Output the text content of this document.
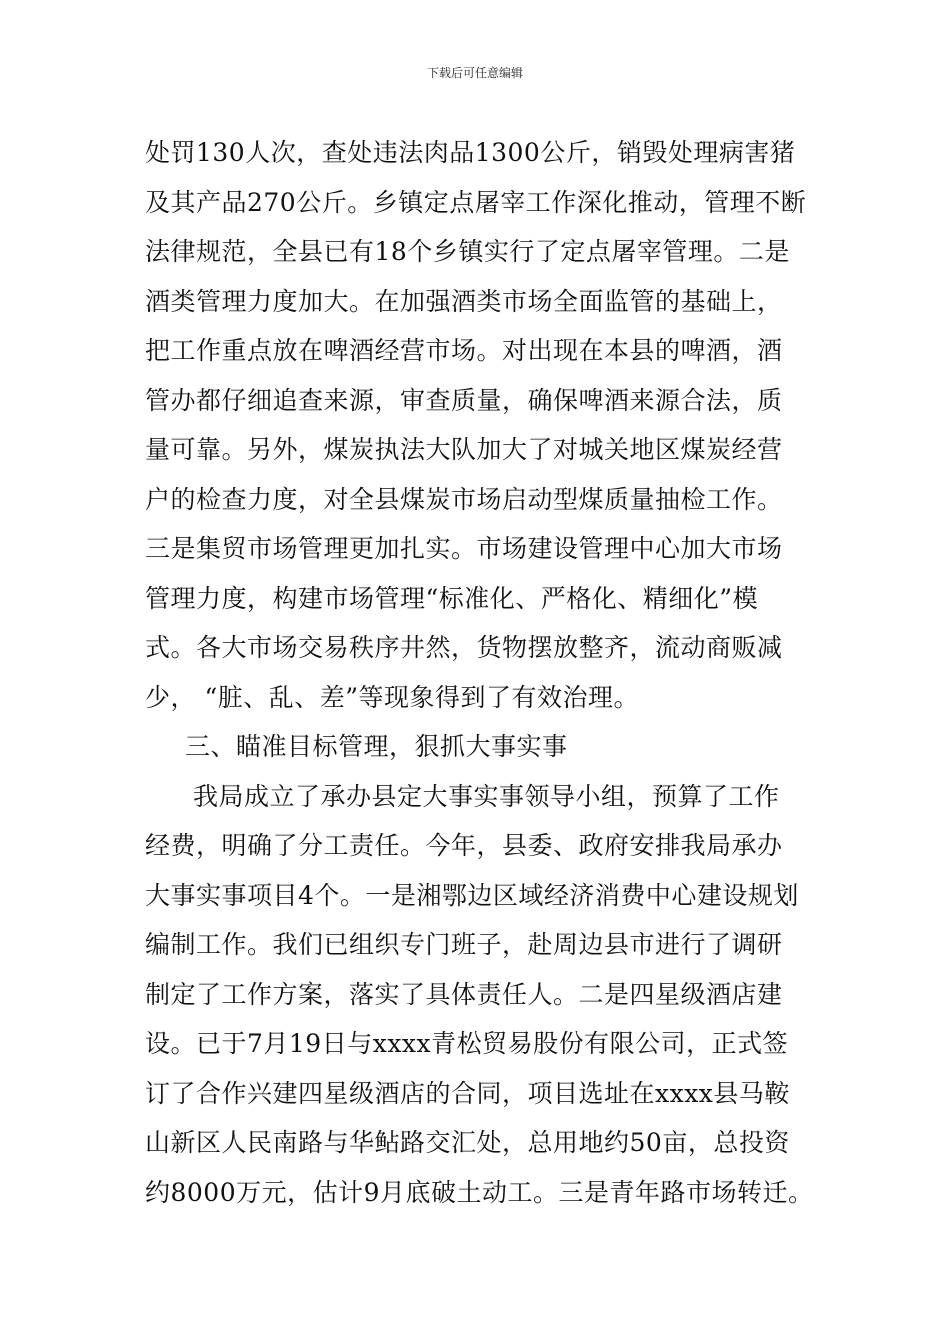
下载后可任意编辑
处罚130人次，查处违法肉品1300公斤，销毁处理病害猪
及其产品270公斤。乡镇定点屠宰工作深化推动，管理不断
法律规范，全县已有18个乡镇实行了定点屠宰管理。二是
酒类管理力度加大。在加强酒类市场全面监管的基础上，
把工作重点放在啤酒经营市场。对出现在本县的啤酒，酒
管办都仔细追查来源，审查质量，确保啤酒来源合法，质
量可靠。另外，煤炭执法大队加大了对城关地区煤炭经营
户的检查力度，对全县煤炭市场启动型煤质量抽检工作。
三是集贸市场管理更加扎实。市场建设管理中心加大市场
管理力度，构建市场管理“标准化、严格化、精细化”模
式。各大市场交易秩序井然，货物摆放整齐，流动商贩减
少， “脏、乱、差”等现象得到了有效治理。
三、瞄准目标管理，狠抓大事实事
我局成立了承办县定大事实事领导小组，预算了工作
经费，明确了分工责任。今年，县委、政府安排我局承办
大事实事项目4个。一是湘鄂边区域经济消费中心建设规划
编制工作。我们已组织专门班子，赴周边县市进行了调研
制定了工作方案，落实了具体责任人。二是四星级酒店建
设。已于7月19日与xxxx青松贸易股份有限公司，正式签
订了合作兴建四星级酒店的合同，项目选址在xxxx县马鞍
山新区人民南路与华鲇路交汇处，总用地约50亩，总投资
约8000万元，估计9月底破土动工。三是青年路市场转迁。
